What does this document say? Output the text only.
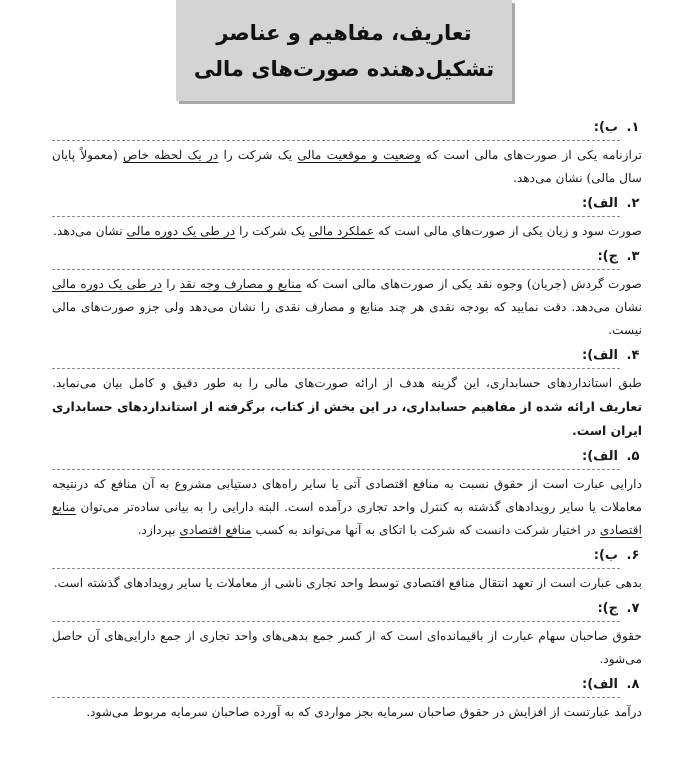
تعاریف، مفاهیم و عناصر
تشکیل‌دهنده صورت‌های مالی
۱.
ب):
ترازنامه یکی از صورت‌های مالی است که وضعیت و موقعیت مالی یک شرکت را در یک لحظه خاص (معمولاً پایان سال مالی) نشان می‌دهد.
۲.
الف):
صورت سود و زیان یکی از صورت‌های مالی است که عملکرد مالی یک شرکت را در طی یک دوره مالی نشان می‌دهد.
۳.
ج):
صورت گردش (جریان) وجوه نقد یکی از صورت‌های مالی است که منابع و مصارف وجه نقد را در طی یک دوره مالی نشان می‌دهد. دقت نمایید که بودجه نقدی هر چند منابع و مصارف نقدی را نشان می‌دهد ولی جزو صورت‌های مالی نیست.
۴.
الف):
طبق استانداردهای حسابداری، این گزینه هدف از ارائه صورت‌های مالی را به طور دقیق و کامل بیان می‌نماید. تعاریف ارائه شده از مفاهیم حسابداری، در این بخش از کتاب، برگرفته از استانداردهای حسابداری ایران است.
۵.
الف):
دارایی عبارت است از حقوق نسبت به منافع اقتصادی آتی یا سایر راه‌های دستیابی مشروع به آن منافع که درنتیجه معاملات یا سایر رویدادهای گذشته به کنترل واحد تجاری درآمده است. البته دارایی را به بیانی ساده‌تر می‌توان منابع اقتصادی در اختیار شرکت دانست که شرکت با اتکای به آنها می‌تواند به کسب منافع اقتصادی بپردازد.
۶.
ب):
بدهی عبارت است از تعهد انتقال منافع اقتصادی توسط واحد تجاری ناشی از معاملات یا سایر رویدادهای گذشته است.
۷.
ج):
حقوق صاحبان سهام عبارت از باقیمانده‌ای است که از کسر جمع بدهی‌های واحد تجاری از جمع دارایی‌های آن حاصل می‌شود.
۸.
الف):
درآمد عبارتست از افزایش در حقوق صاحبان سرمایه بجز مواردی که به آورده صاحبان سرمایه مربوط می‌شود.
